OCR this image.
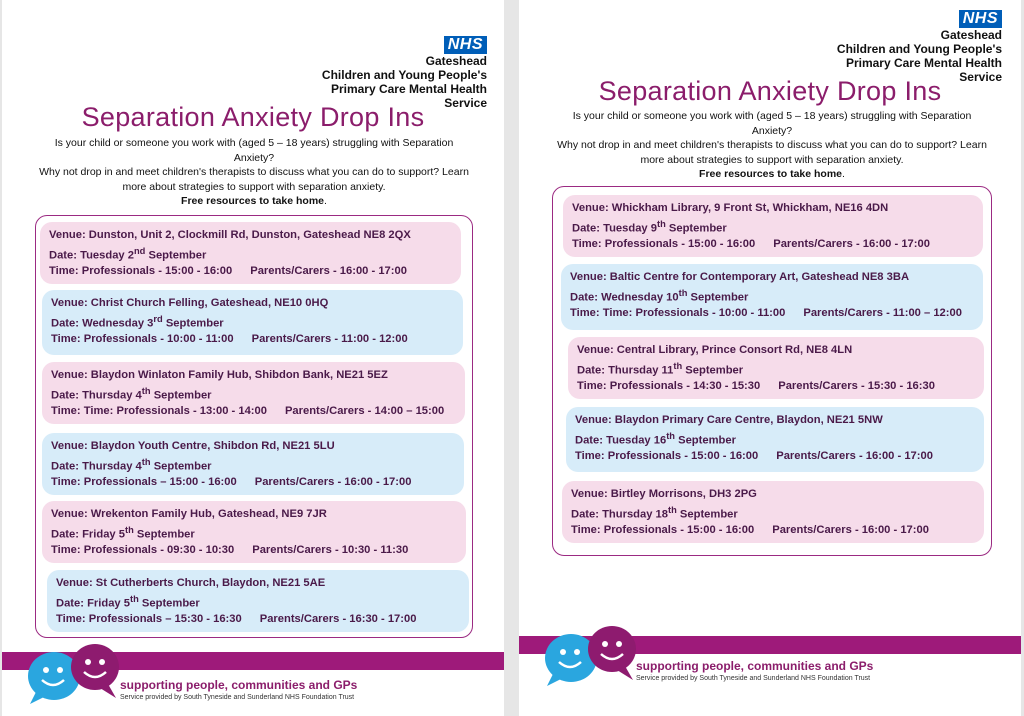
NHS
Gateshead
Children and Young People's
Primary Care Mental Health Service
Separation Anxiety Drop Ins

Is your child or someone you work with (aged 5 – 18 years) struggling with Separation

Anxiety?

Why not drop in and meet children's therapists to discuss what you can do to support? Learn

more about strategies to support with separation anxiety.

Free resources to take home.

Venue: Dunston, Unit 2, Clockmill Rd, Dunston, Gateshead NE8 2QX
Date: Tuesday 2nd September
Time: Professionals - 15:00 - 16:00 Parents/Carers - 16:00 - 17:00
Venue: Christ Church Felling, Gateshead, NE10 0HQ
Date: Wednesday 3rd September
Time: Professionals - 10:00 - 11:00 Parents/Carers - 11:00 - 12:00
Venue: Blaydon Winlaton Family Hub, Shibdon Bank, NE21 5EZ
Date: Thursday 4th September
Time: Time: Professionals - 13:00 - 14:00 Parents/Carers - 14:00 – 15:00
Venue: Blaydon Youth Centre, Shibdon Rd, NE21 5LU
Date: Thursday 4th September
Time: Professionals – 15:00 - 16:00 Parents/Carers - 16:00 - 17:00
Venue: Wrekenton Family Hub, Gateshead, NE9 7JR
Date: Friday 5th September
Time: Professionals - 09:30 - 10:30 Parents/Carers - 10:30 - 11:30
Venue: St Cutherberts Church, Blaydon, NE21 5AE
Date: Friday 5th September
Time: Professionals – 15:30 - 16:30 Parents/Carers - 16:30 - 17:00
supporting people, communities and GPs
Service provided by South Tyneside and Sunderland NHS Foundation Trust
NHS
Gateshead
Children and Young People's
Primary Care Mental Health Service
Separation Anxiety Drop Ins

Is your child or someone you work with (aged 5 – 18 years) struggling with Separation

Anxiety?

Why not drop in and meet children's therapists to discuss what you can do to support? Learn

more about strategies to support with separation anxiety.

Free resources to take home.

Venue: Whickham Library, 9 Front St, Whickham, NE16 4DN
Date: Tuesday 9th September
Time: Professionals - 15:00 - 16:00 Parents/Carers - 16:00 - 17:00
Venue: Baltic Centre for Contemporary Art, Gateshead NE8 3BA
Date: Wednesday 10th September
Time: Time: Professionals - 10:00 - 11:00 Parents/Carers - 11:00 – 12:00
Venue: Central Library, Prince Consort Rd, NE8 4LN
Date: Thursday 11th September
Time: Professionals - 14:30 - 15:30 Parents/Carers - 15:30 - 16:30
Venue: Blaydon Primary Care Centre, Blaydon, NE21 5NW
Date: Tuesday 16th September
Time: Professionals - 15:00 - 16:00 Parents/Carers - 16:00 - 17:00
Venue: Birtley Morrisons, DH3 2PG
Date: Thursday 18th September
Time: Professionals - 15:00 - 16:00 Parents/Carers - 16:00 - 17:00
supporting people, communities and GPs
Service provided by South Tyneside and Sunderland NHS Foundation Trust
